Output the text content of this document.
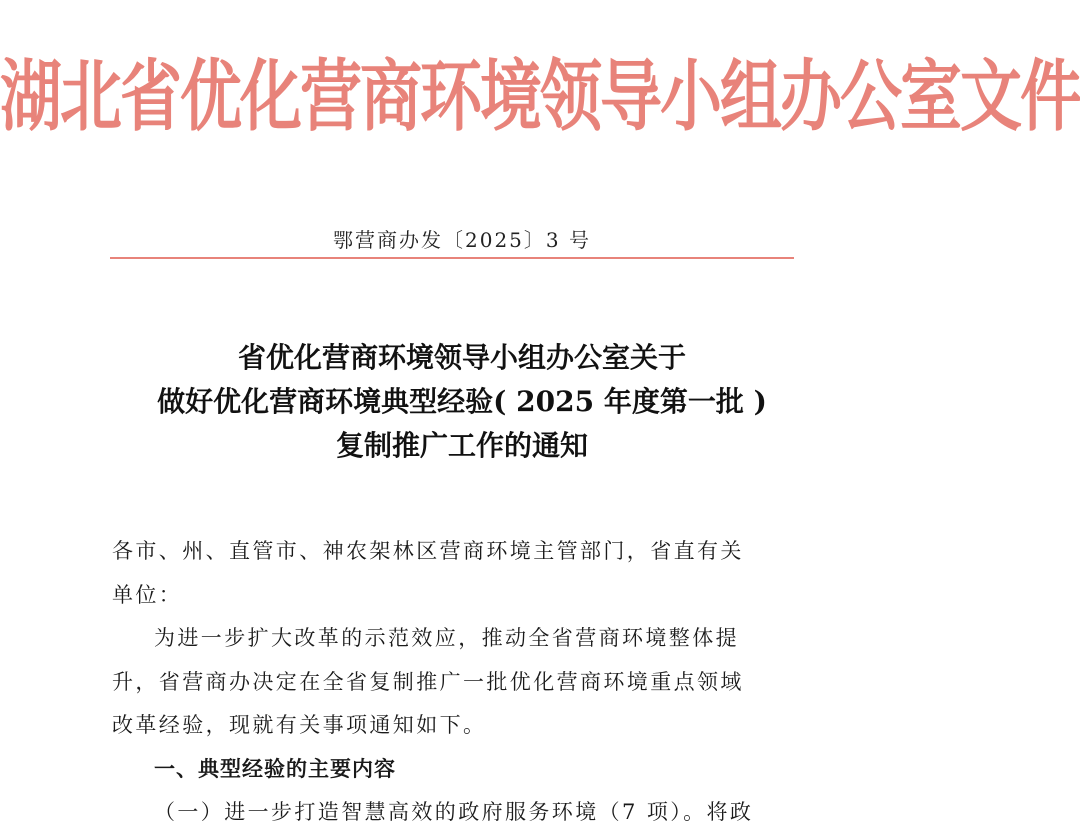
湖北省优化营商环境领导小组办公室文件
鄂营商办发〔2025〕3 号
省优化营商环境领导小组办公室关于
做好优化营商环境典型经验( 2025 年度第一批 )
复制推广工作的通知

各市、州、直管市、神农架林区营商环境主管部门，省直有关

单位：

为进一步扩大改革的示范效应，推动全省营商环境整体提

升，省营商办决定在全省复制推广一批优化营商环境重点领域

改革经验，现就有关事项通知如下。

一、典型经验的主要内容

（一）进一步打造智慧高效的政府服务环境（7 项）。将政
